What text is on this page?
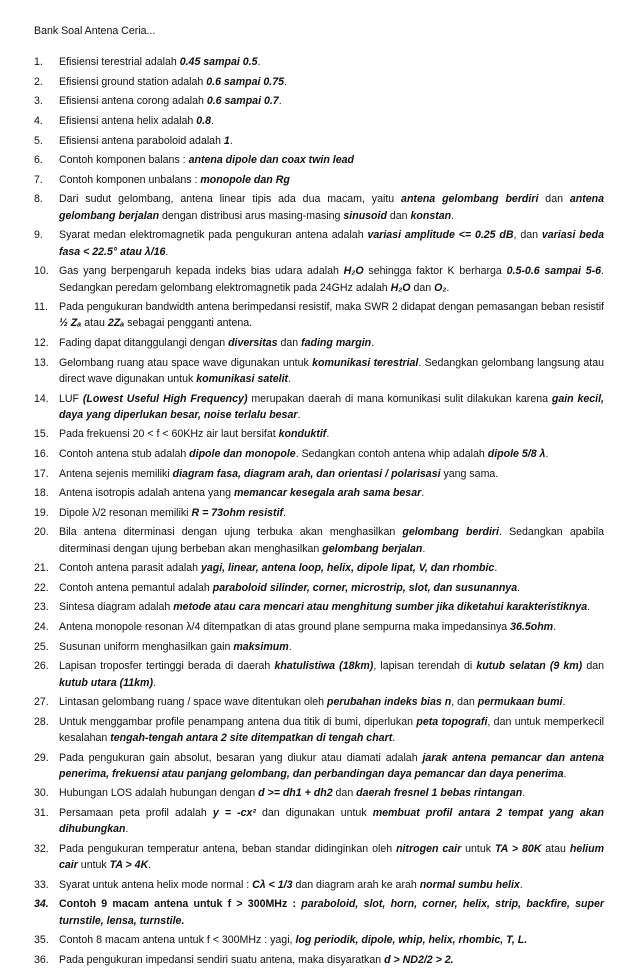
Bank Soal Antena Ceria...
1.	Efisiensi terestrial adalah 0.45 sampai 0.5.
2.	Efisiensi ground station adalah 0.6 sampai 0.75.
3.	Efisiensi antena corong adalah 0.6 sampai 0.7.
4.	Efisiensi antena helix adalah 0.8.
5.	Efisiensi antena paraboloid adalah 1.
6.	Contoh komponen balans : antena dipole dan coax twin lead
7.	Contoh komponen unbalans : monopole dan Rg
8.	Dari sudut gelombang, antena linear tipis ada dua macam, yaitu antena gelombang berdiri dan antena gelombang berjalan dengan distribusi arus masing-masing sinusoid dan konstan.
9.	Syarat medan elektromagnetik pada pengukuran antena adalah variasi amplitude <= 0.25 dB, dan variasi beda fasa < 22.5° atau λ/16.
10. Gas yang berpengaruh kepada indeks bias udara adalah H₂O sehingga faktor K berharga 0.5-0.6 sampai 5-6. Sedangkan peredam gelombang elektromagnetik pada 24GHz adalah H₂O dan O₂.
11.	Pada pengukuran bandwidth antena berimpedansi resistif, maka SWR 2 didapat dengan pemasangan beban resistif ½ Zₐ atau 2Zₐ sebagai pengganti antena.
12. Fading dapat ditanggulangi dengan diversitas dan fading margin.
13. Gelombang ruang atau space wave digunakan untuk komunikasi terestrial. Sedangkan gelombang langsung atau direct wave digunakan untuk komunikasi satelit.
14. LUF (Lowest Useful High Frequency) merupakan daerah di mana komunikasi sulit dilakukan karena gain kecil, daya yang diperlukan besar, noise terlalu besar.
15. Pada frekuensi 20 < f < 60KHz air laut bersifat konduktif.
16. Contoh antena stub adalah dipole dan monopole. Sedangkan contoh antena whip adalah dipole 5/8 λ.
17. Antena sejenis memiliki diagram fasa, diagram arah, dan orientasi / polarisasi yang sama.
18. Antena isotropis adalah antena yang memancar kesegala arah sama besar.
19. Dipole λ/2 resonan memiliki R = 73ohm resistif.
20. Bila antena diterminasi dengan ujung terbuka akan menghasilkan gelombang berdiri. Sedangkan apabila diterminasi dengan ujung berbeban akan menghasilkan gelombang berjalan.
21. Contoh antena parasit adalah yagi, linear, antena loop, helix, dipole lipat, V, dan rhombic.
22. Contoh antena pemantul adalah paraboloid silinder, corner, microstrip, slot, dan susunannya.
23. Sintesa diagram adalah metode atau cara mencari atau menghitung sumber jika diketahui karakteristiknya.
24. Antena monopole resonan λ/4 ditempatkan di atas ground plane sempurna maka impedansinya 36.5ohm.
25. Susunan uniform menghasilkan gain maksimum.
26. Lapisan troposfer tertinggi berada di daerah khatulistiwa (18km), lapisan terendah di kutub selatan (9 km) dan kutub utara (11km).
27. Lintasan gelombang ruang / space wave ditentukan oleh perubahan indeks bias n, dan permukaan bumi.
28. Untuk menggambar profile penampang antena dua titik di bumi, diperlukan peta topografi, dan untuk memperkecil kesalahan tengah-tengah antara 2 site ditempatkan di tengah chart.
29. Pada pengukuran gain absolut, besaran yang diukur atau diamati adalah jarak antena pemancar dan antena penerima, frekuensi atau panjang gelombang, dan perbandingan daya pemancar dan daya penerima.
30. Hubungan LOS adalah hubungan dengan d >= dh1 + dh2 dan daerah fresnel 1 bebas rintangan.
31. Persamaan peta profil adalah y = -cx² dan digunakan untuk membuat profil antara 2 tempat yang akan dihubungkan.
32. Pada pengukuran temperatur antena, beban standar didinginkan oleh nitrogen cair untuk TA > 80K atau helium cair untuk TA > 4K.
33. Syarat untuk antena helix mode normal : Cλ < 1/3 dan diagram arah ke arah normal sumbu helix.
34. Contoh 9 macam antena untuk f > 300MHz : paraboloid, slot, horn, corner, helix, strip, backfire, super turnstile, lensa, turnstile.
35. Contoh 8 macam antena untuk f < 300MHz : yagi, log periodik, dipole, whip, helix, rhombic, T, L.
36. Pada pengukuran impedansi sendiri suatu antena, maka disyaratkan d > ND2/2 > 2.
